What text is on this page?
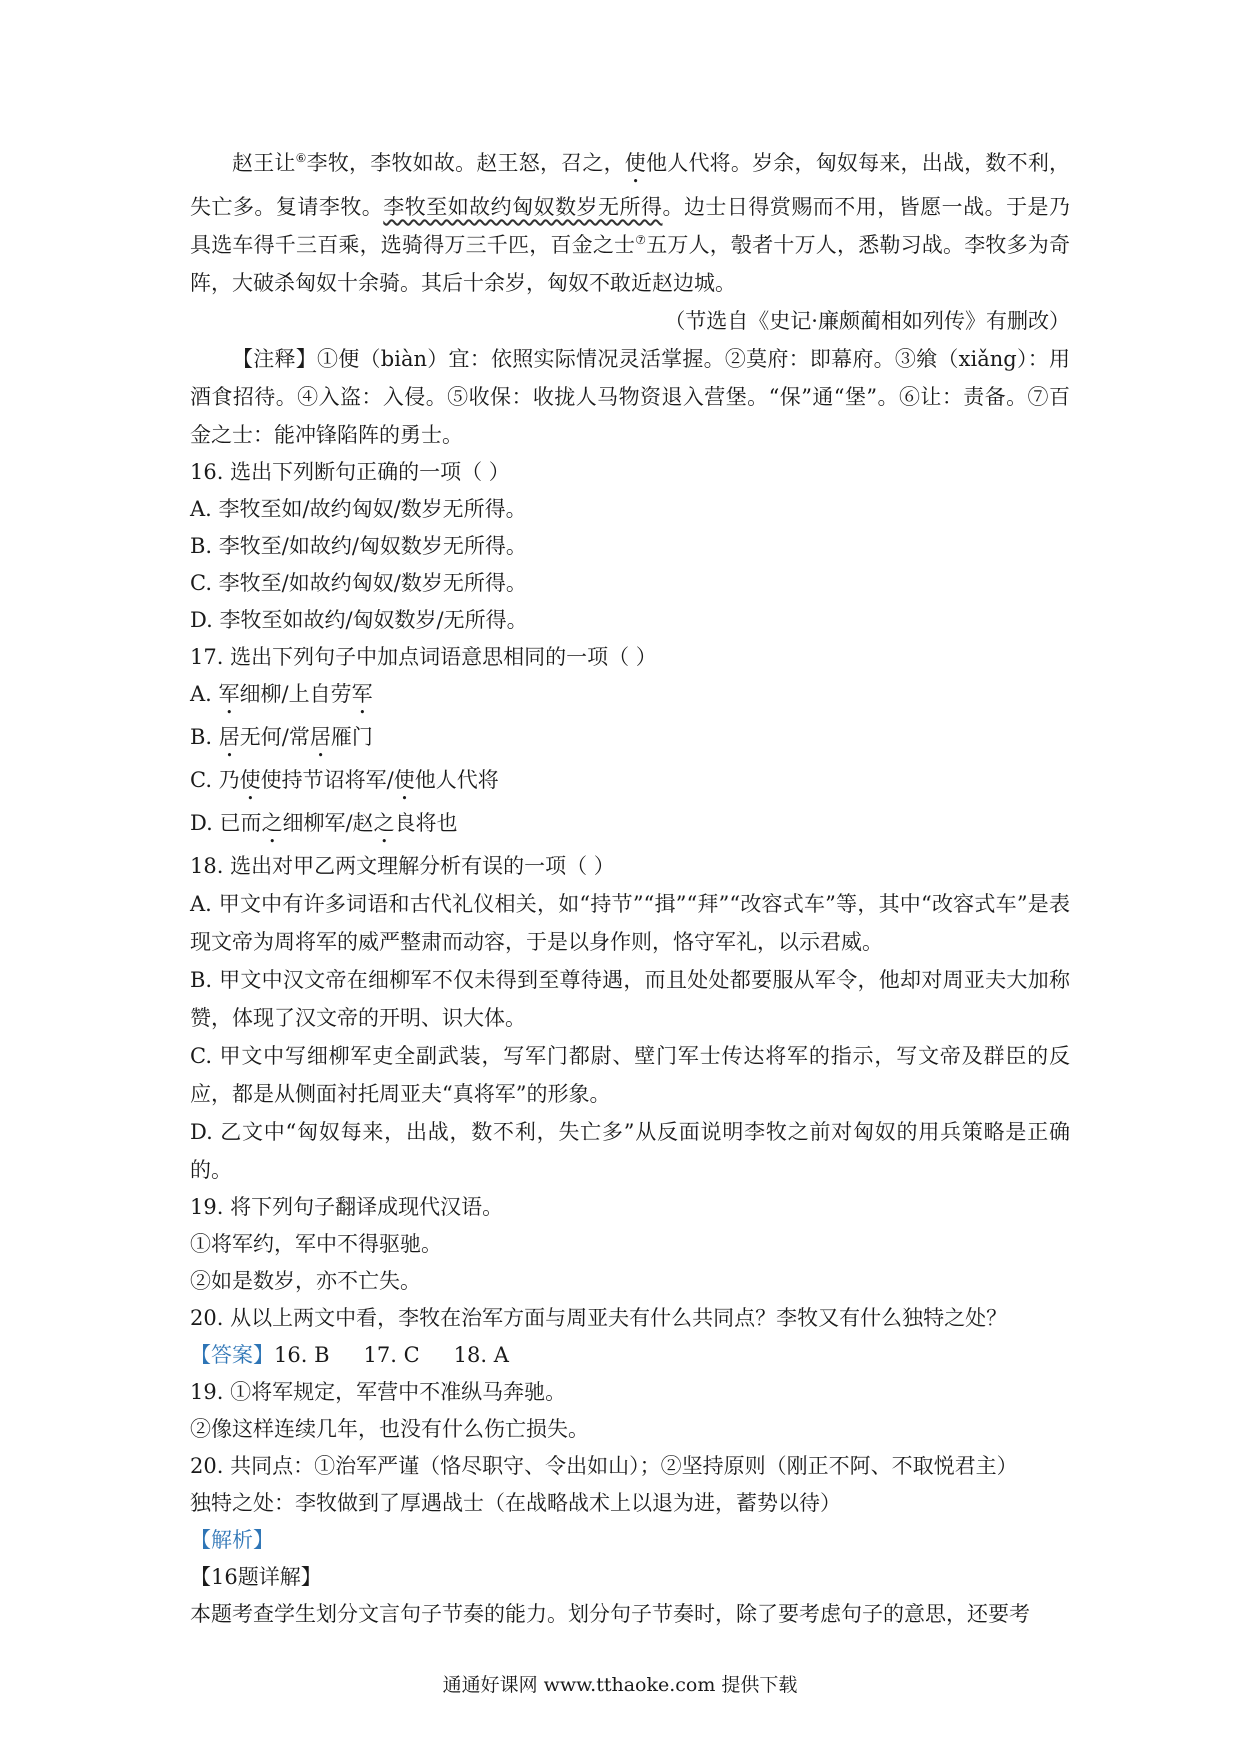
赵王让⑥李牧，李牧如故。赵王怒，召之，使他人代将。岁余，匈奴每来，出战，数不利，失亡多。复请李牧。李牧至如故约匈奴数岁无所得。边士日得赏赐而不用，皆愿一战。于是乃具选车得千三百乘，选骑得万三千匹，百金之士⑦五万人，彀者十万人，悉勒习战。李牧多为奇阵，大破杀匈奴十余骑。其后十余岁，匈奴不敢近赵边城。

（节选自《史记·廉颇蔺相如列传》有删改）

【注释】①便（biàn）宜：依照实际情况灵活掌握。②莫府：即幕府。③飨（xiǎng）：用酒食招待。④入盗：入侵。⑤收保：收拢人马物资退入营堡。“保”通“堡”。⑥让：责备。⑦百金之士：能冲锋陷阵的勇士。

16. 选出下列断句正确的一项（ ）

A. 李牧至如/故约匈奴/数岁无所得。

B. 李牧至/如故约/匈奴数岁无所得。

C. 李牧至/如故约匈奴/数岁无所得。

D. 李牧至如故约/匈奴数岁/无所得。

17. 选出下列句子中加点词语意思相同的一项（ ）

A. 军细柳/上自劳军

B. 居无何/常居雁门

C. 乃使使持节诏将军/使他人代将

D. 已而之细柳军/赵之良将也

18. 选出对甲乙两文理解分析有误的一项（ ）

A. 甲文中有许多词语和古代礼仪相关，如“持节”“揖”“拜”“改容式车”等，其中“改容式车”是表现文帝为周将军的威严整肃而动容，于是以身作则，恪守军礼，以示君威。

B. 甲文中汉文帝在细柳军不仅未得到至尊待遇，而且处处都要服从军令，他却对周亚夫大加称赞，体现了汉文帝的开明、识大体。

C. 甲文中写细柳军吏全副武装，写军门都尉、壁门军士传达将军的指示，写文帝及群臣的反应，都是从侧面衬托周亚夫“真将军”的形象。

D. 乙文中“匈奴每来，出战，数不利，失亡多”从反面说明李牧之前对匈奴的用兵策略是正确的。

19. 将下列句子翻译成现代汉语。

①将军约，军中不得驱驰。

②如是数岁，亦不亡失。

20. 从以上两文中看，李牧在治军方面与周亚夫有什么共同点？李牧又有什么独特之处？

【答案】16. B 17. C 18. A

19. ①将军规定，军营中不准纵马奔驰。

②像这样连续几年，也没有什么伤亡损失。

20. 共同点：①治军严谨（恪尽职守、令出如山）；②坚持原则（刚正不阿、不取悦君主）

独特之处：李牧做到了厚遇战士（在战略战术上以退为进，蓄势以待）

【解析】

【16题详解】

本题考查学生划分文言句子节奏的能力。划分句子节奏时，除了要考虑句子的意思，还要考

通通好课网 www.tthaoke.com 提供下载
